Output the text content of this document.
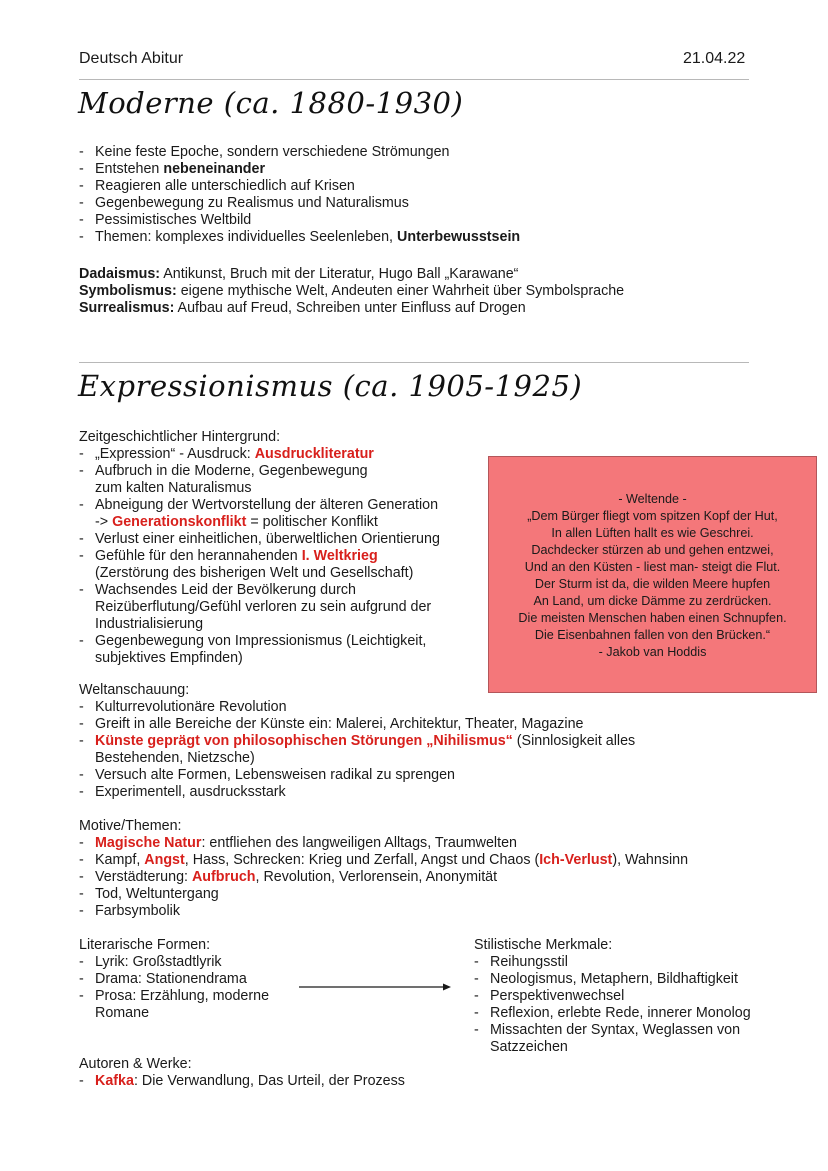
Deutsch Abitur	21.04.22
Moderne (ca. 1880-1930)
- Keine feste Epoche, sondern verschiedene Strömungen
- Entstehen nebeneinander
- Reagieren alle unterschiedlich auf Krisen
- Gegenbewegung zu Realismus und Naturalismus
- Pessimistisches Weltbild
- Themen: komplexes individuelles Seelenleben, Unterbewusstsein
Dadaismus: Antikunst, Bruch mit der Literatur, Hugo Ball „Karawane“
Symbolismus: eigene mythische Welt, Andeuten einer Wahrheit über Symbolsprache
Surrealismus: Aufbau auf Freud, Schreiben unter Einfluss auf Drogen
Expressionismus (ca. 1905-1925)
Zeitgeschichtlicher Hintergrund:
- „Expression“ - Ausdruck: Ausdruckliteratur
- Aufbruch in die Moderne, Gegenbewegung zum kalten Naturalismus
- Abneigung der Wertvorstellung der älteren Generation
-> Generationskonflikt = politischer Konflikt
- Verlust einer einheitlichen, überweltlichen Orientierung
- Gefühle für den herannahenden I. Weltkrieg
(Zerstörung des bisherigen Welt und Gesellschaft)
- Wachsendes Leid der Bevölkerung durch Reizüberflutung/Gefühl verloren zu sein aufgrund der Industrialisierung
- Gegenbewegung von Impressionismus (Leichtigkeit, subjektives Empfinden)
- Weltende -
„Dem Bürger fliegt vom spitzen Kopf der Hut,
In allen Lüften hallt es wie Geschrei.
Dachdecker stürzen ab und gehen entzwei,
Und an den Küsten - liest man- steigt die Flut.
Der Sturm ist da, die wilden Meere hupfen
An Land, um dicke Dämme zu zerdrücken.
Die meisten Menschen haben einen Schnupfen.
Die Eisenbahnen fallen von den Brücken.“
- Jakob van Hoddis
Weltanschauung:
- Kulturrevolutionäre Revolution
- Greift in alle Bereiche der Künste ein: Malerei, Architektur, Theater, Magazine
- Künste geprägt von philosophischen Störungen „Nihilismus“ (Sinnlosigkeit alles Bestehenden, Nietzsche)
- Versuch alte Formen, Lebensweisen radikal zu sprengen
- Experimentell, ausdrucksstark
Motive/Themen:
- Magische Natur: entfliehen des langweiligen Alltags, Traumwelten
- Kampf, Angst, Hass, Schrecken: Krieg und Zerfall, Angst und Chaos (Ich-Verlust), Wahnsinn
- Verstädterung: Aufbruch, Revolution, Verlorensein, Anonymität
- Tod, Weltuntergang
- Farbsymbolik
Literarische Formen:
- Lyrik: Großstadtlyrik
- Drama: Stationendrama
- Prosa: Erzählung, moderne Romane
Stilistische Merkmale:
- Reihungsstil
- Neologismus, Metaphern, Bildhaftigkeit
- Perspektivenwechsel
- Reflexion, erlebte Rede, innerer Monolog
- Missachten der Syntax, Weglassen von Satzzeichen
Autoren & Werke:
- Kafka: Die Verwandlung, Das Urteil, der Prozess
